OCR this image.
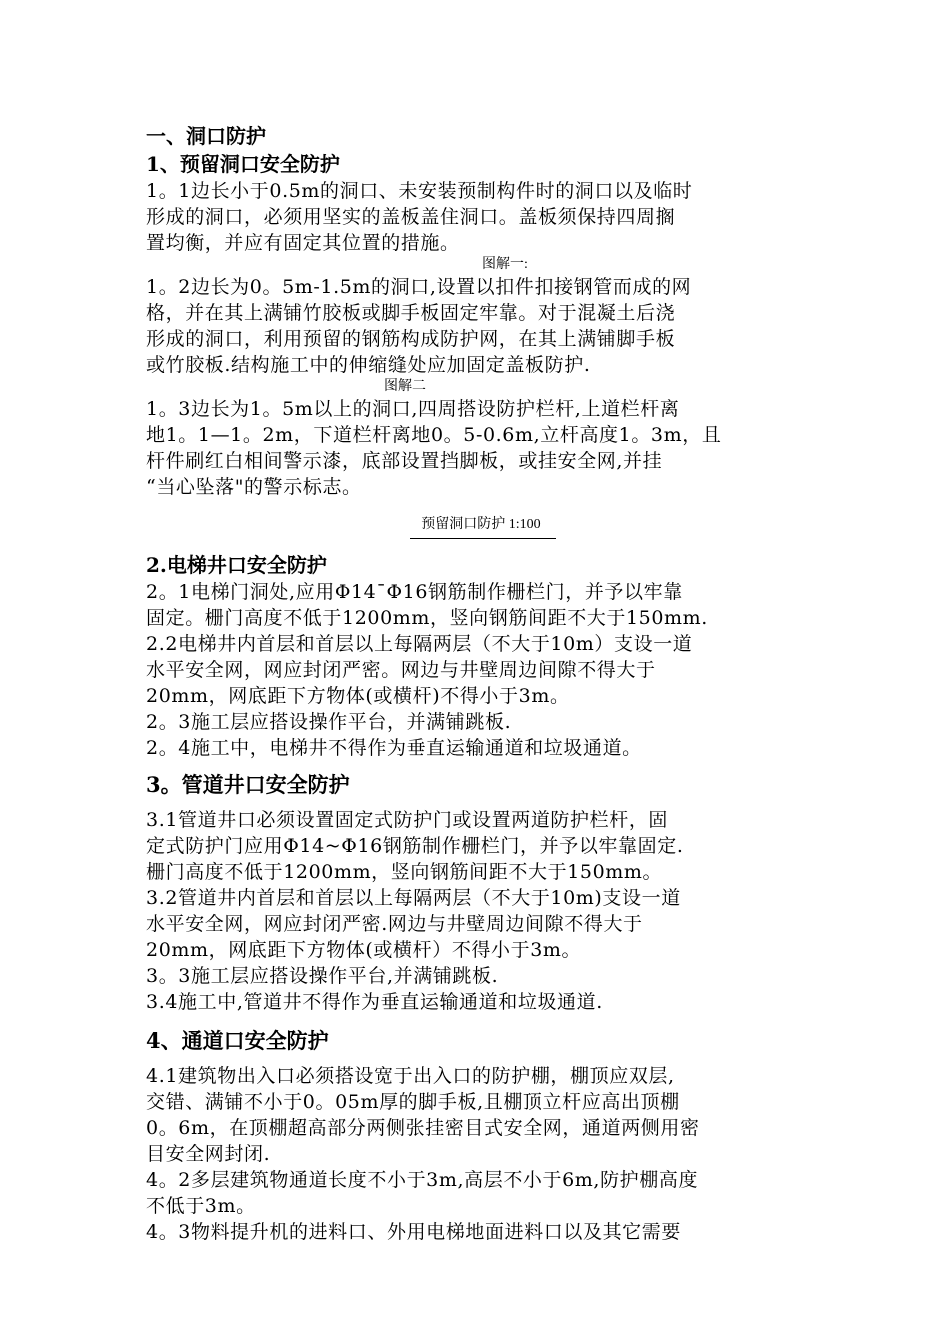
一、洞口防护

1、预留洞口安全防护

1。1边长小于0.5m的洞口、未安装预制构件时的洞口以及临时

形成的洞口，必须用坚实的盖板盖住洞口。盖板须保持四周搁

置均衡，并应有固定其位置的措施。

图解一:

1。2边长为0。5m-1.5m的洞口,设置以扣件扣接钢管而成的网

格，并在其上满铺竹胶板或脚手板固定牢靠。对于混凝土后浇

形成的洞口，利用预留的钢筋构成防护网，在其上满铺脚手板

或竹胶板.结构施工中的伸缩缝处应加固定盖板防护.

图解二

1。3边长为1。5m以上的洞口,四周搭设防护栏杆,上道栏杆离

地1。1—1。2m，下道栏杆离地0。5-0.6m,立杆高度1。3m，且

杆件刷红白相间警示漆，底部设置挡脚板，或挂安全网,并挂

“当心坠落"的警示标志。

预留洞口防护 1:100

2.电梯井口安全防护

2。1电梯门洞处,应用Φ14¯Φ16钢筋制作栅栏门，并予以牢靠

固定。栅门高度不低于1200mm，竖向钢筋间距不大于150mm.

2.2电梯井内首层和首层以上每隔两层（不大于10m）支设一道

水平安全网，网应封闭严密。网边与井壁周边间隙不得大于

20mm，网底距下方物体(或横杆)不得小于3m。

2。3施工层应搭设操作平台，并满铺跳板.

2。4施工中，电梯井不得作为垂直运输通道和垃圾通道。

3。管道井口安全防护

3.1管道井口必须设置固定式防护门或设置两道防护栏杆，固

定式防护门应用Φ14~Φ16钢筋制作栅栏门，并予以牢靠固定.

栅门高度不低于1200mm，竖向钢筋间距不大于150mm。

3.2管道井内首层和首层以上每隔两层（不大于10m)支设一道

水平安全网，网应封闭严密.网边与井壁周边间隙不得大于

20mm，网底距下方物体(或横杆）不得小于3m。

3。3施工层应搭设操作平台,并满铺跳板.

3.4施工中,管道井不得作为垂直运输通道和垃圾通道.

4、通道口安全防护

4.1建筑物出入口必须搭设宽于出入口的防护棚，棚顶应双层,

交错、满铺不小于0。05m厚的脚手板,且棚顶立杆应高出顶棚

0。6m，在顶棚超高部分两侧张挂密目式安全网，通道两侧用密

目安全网封闭.

4。2多层建筑物通道长度不小于3m,高层不小于6m,防护棚高度

不低于3m。

4。3物料提升机的进料口、外用电梯地面进料口以及其它需要
